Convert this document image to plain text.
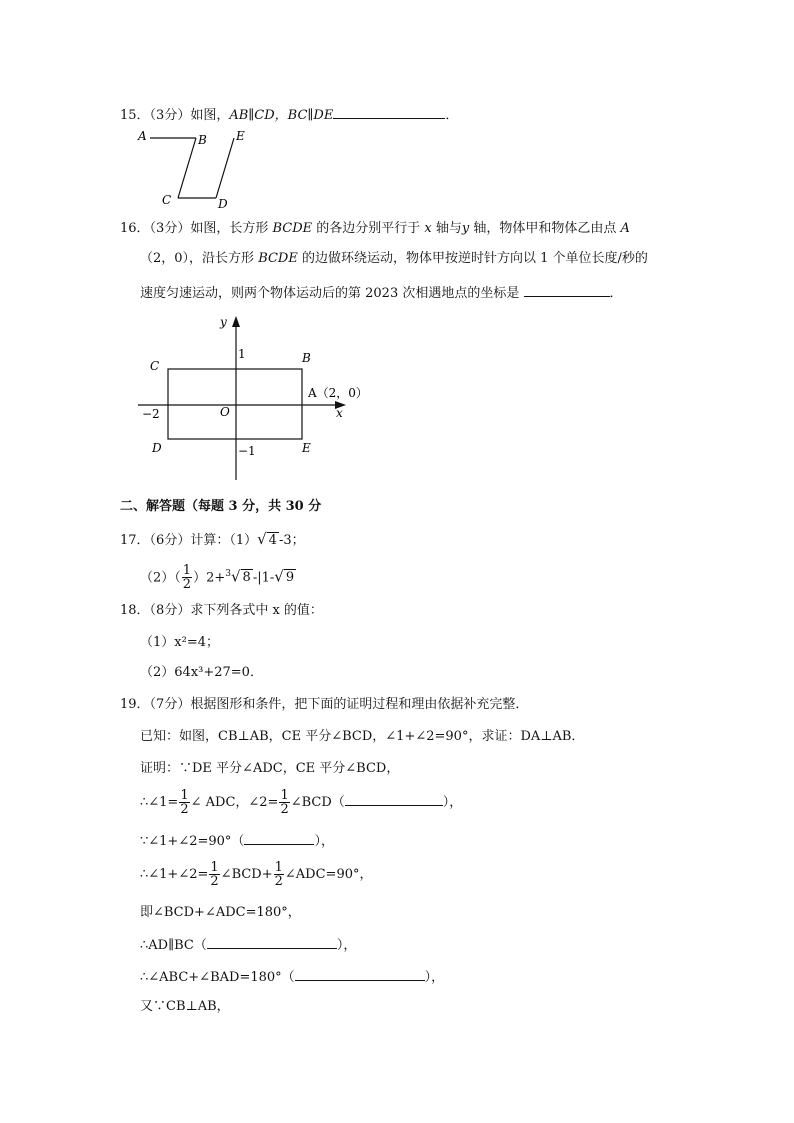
15．（3分）如图，AB∥CD，BC∥DE	．
A	B
C	D
E
16．（3分）如图，长方形 BCDE 的各边分别平行于 x 轴与y 轴，物体甲和物体乙由点 A
（2，0），沿长方形 BCDE 的边做环绕运动，物体甲按逆时针方向以 1 个单位长度/秒的
速度匀速运动，则两个物体运动后的第 2023 次相遇地点的坐标是	．
y
x
O
1
−1
−2
C
B
D	E
A（2，0）
二、解答题（每题 3 分，共 30 分
17．（6分）计算：（1）√ 4 -3；
$(2)( \frac{1}{2} )2+^3√$ 8 -|1-√ 9
18．（8分）求下列各式中 x 的值：
（1）x²=4；
（2）64x³+27=0．
19．（7分）根据图形和条件，把下面的证明过程和理由依据补充完整．
已知：如图，CB⊥AB，CE 平分∠BCD，∠1+∠2=90°，求证：DA⊥AB．
证明：∵DE 平分∠ADC，CE 平分∠BCD，
∴∠1= $\frac{1}{2}$ ∠ ADC，∠2= $\frac{1}{2}$ ∠BCD（	），
∵∠1+∠2=90°（	），
∴∠1+∠2= $\frac{1}{2}$ ∠BCD+ $\frac{1}{2}$ ∠ADC=90°，
即∠BCD+∠ADC=180°，
∴AD∥BC（	），
∴∠ABC+∠BAD=180°（	），
又∵CB⊥AB，
